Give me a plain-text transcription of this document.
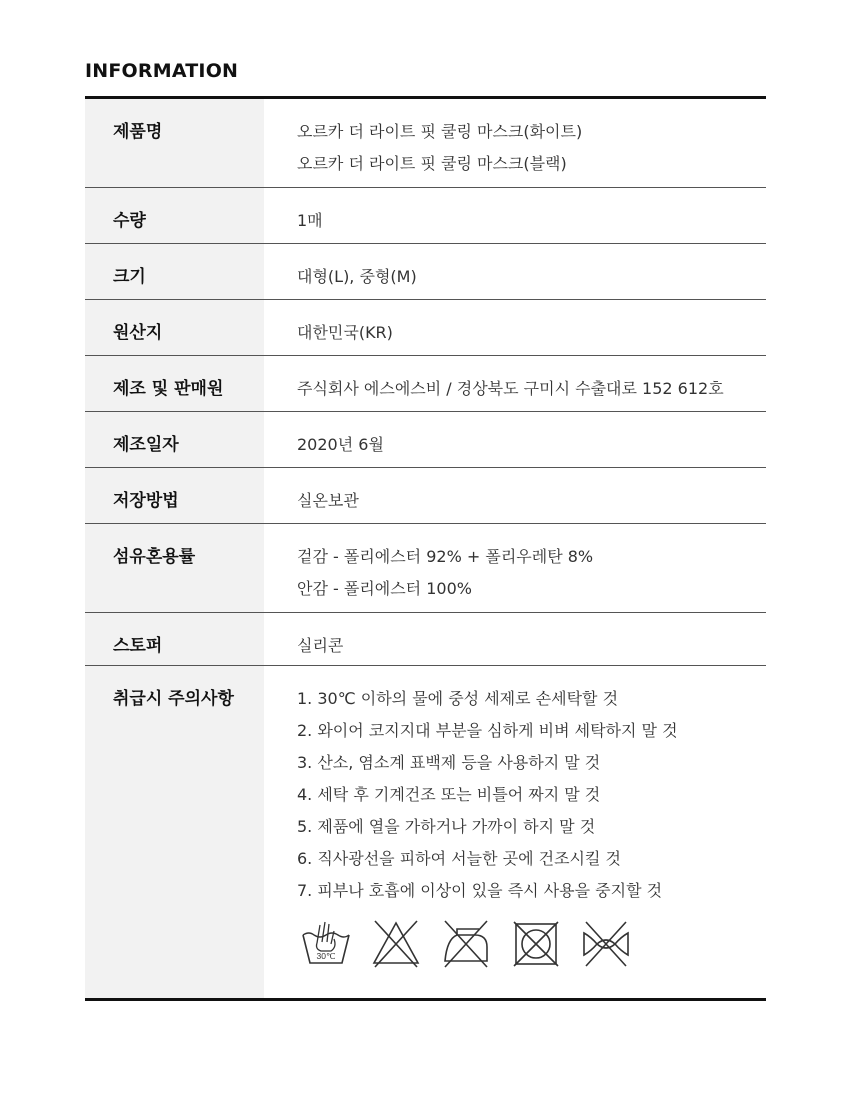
INFORMATION
제품명	오르카 더 라이트 핏 쿨링 마스크(화이트)
오르카 더 라이트 핏 쿨링 마스크(블랙)
수량	1매
크기	대형(L), 중형(M)
원산지	대한민국(KR)
제조 및 판매원	주식회사 에스에스비 / 경상북도 구미시 수출대로 152 612호
제조일자	2020년 6월
저장방법	실온보관
섬유혼용률	겉감 - 폴리에스터 92% + 폴리우레탄 8%
안감 - 폴리에스터 100%
스토퍼	실리콘
취급시 주의사항	1. 30℃ 이하의 물에 중성 세제로 손세탁할 것
2. 와이어 코지지대 부분을 심하게 비벼 세탁하지 말 것
3. 산소, 염소계 표백제 등을 사용하지 말 것
4. 세탁 후 기계건조 또는 비틀어 짜지 말 것
5. 제품에 열을 가하거나 가까이 하지 말 것
6. 직사광선을 피하여 서늘한 곳에 건조시킬 것
7. 피부나 호흡에 이상이 있을 즉시 사용을 중지할 것
30℃
